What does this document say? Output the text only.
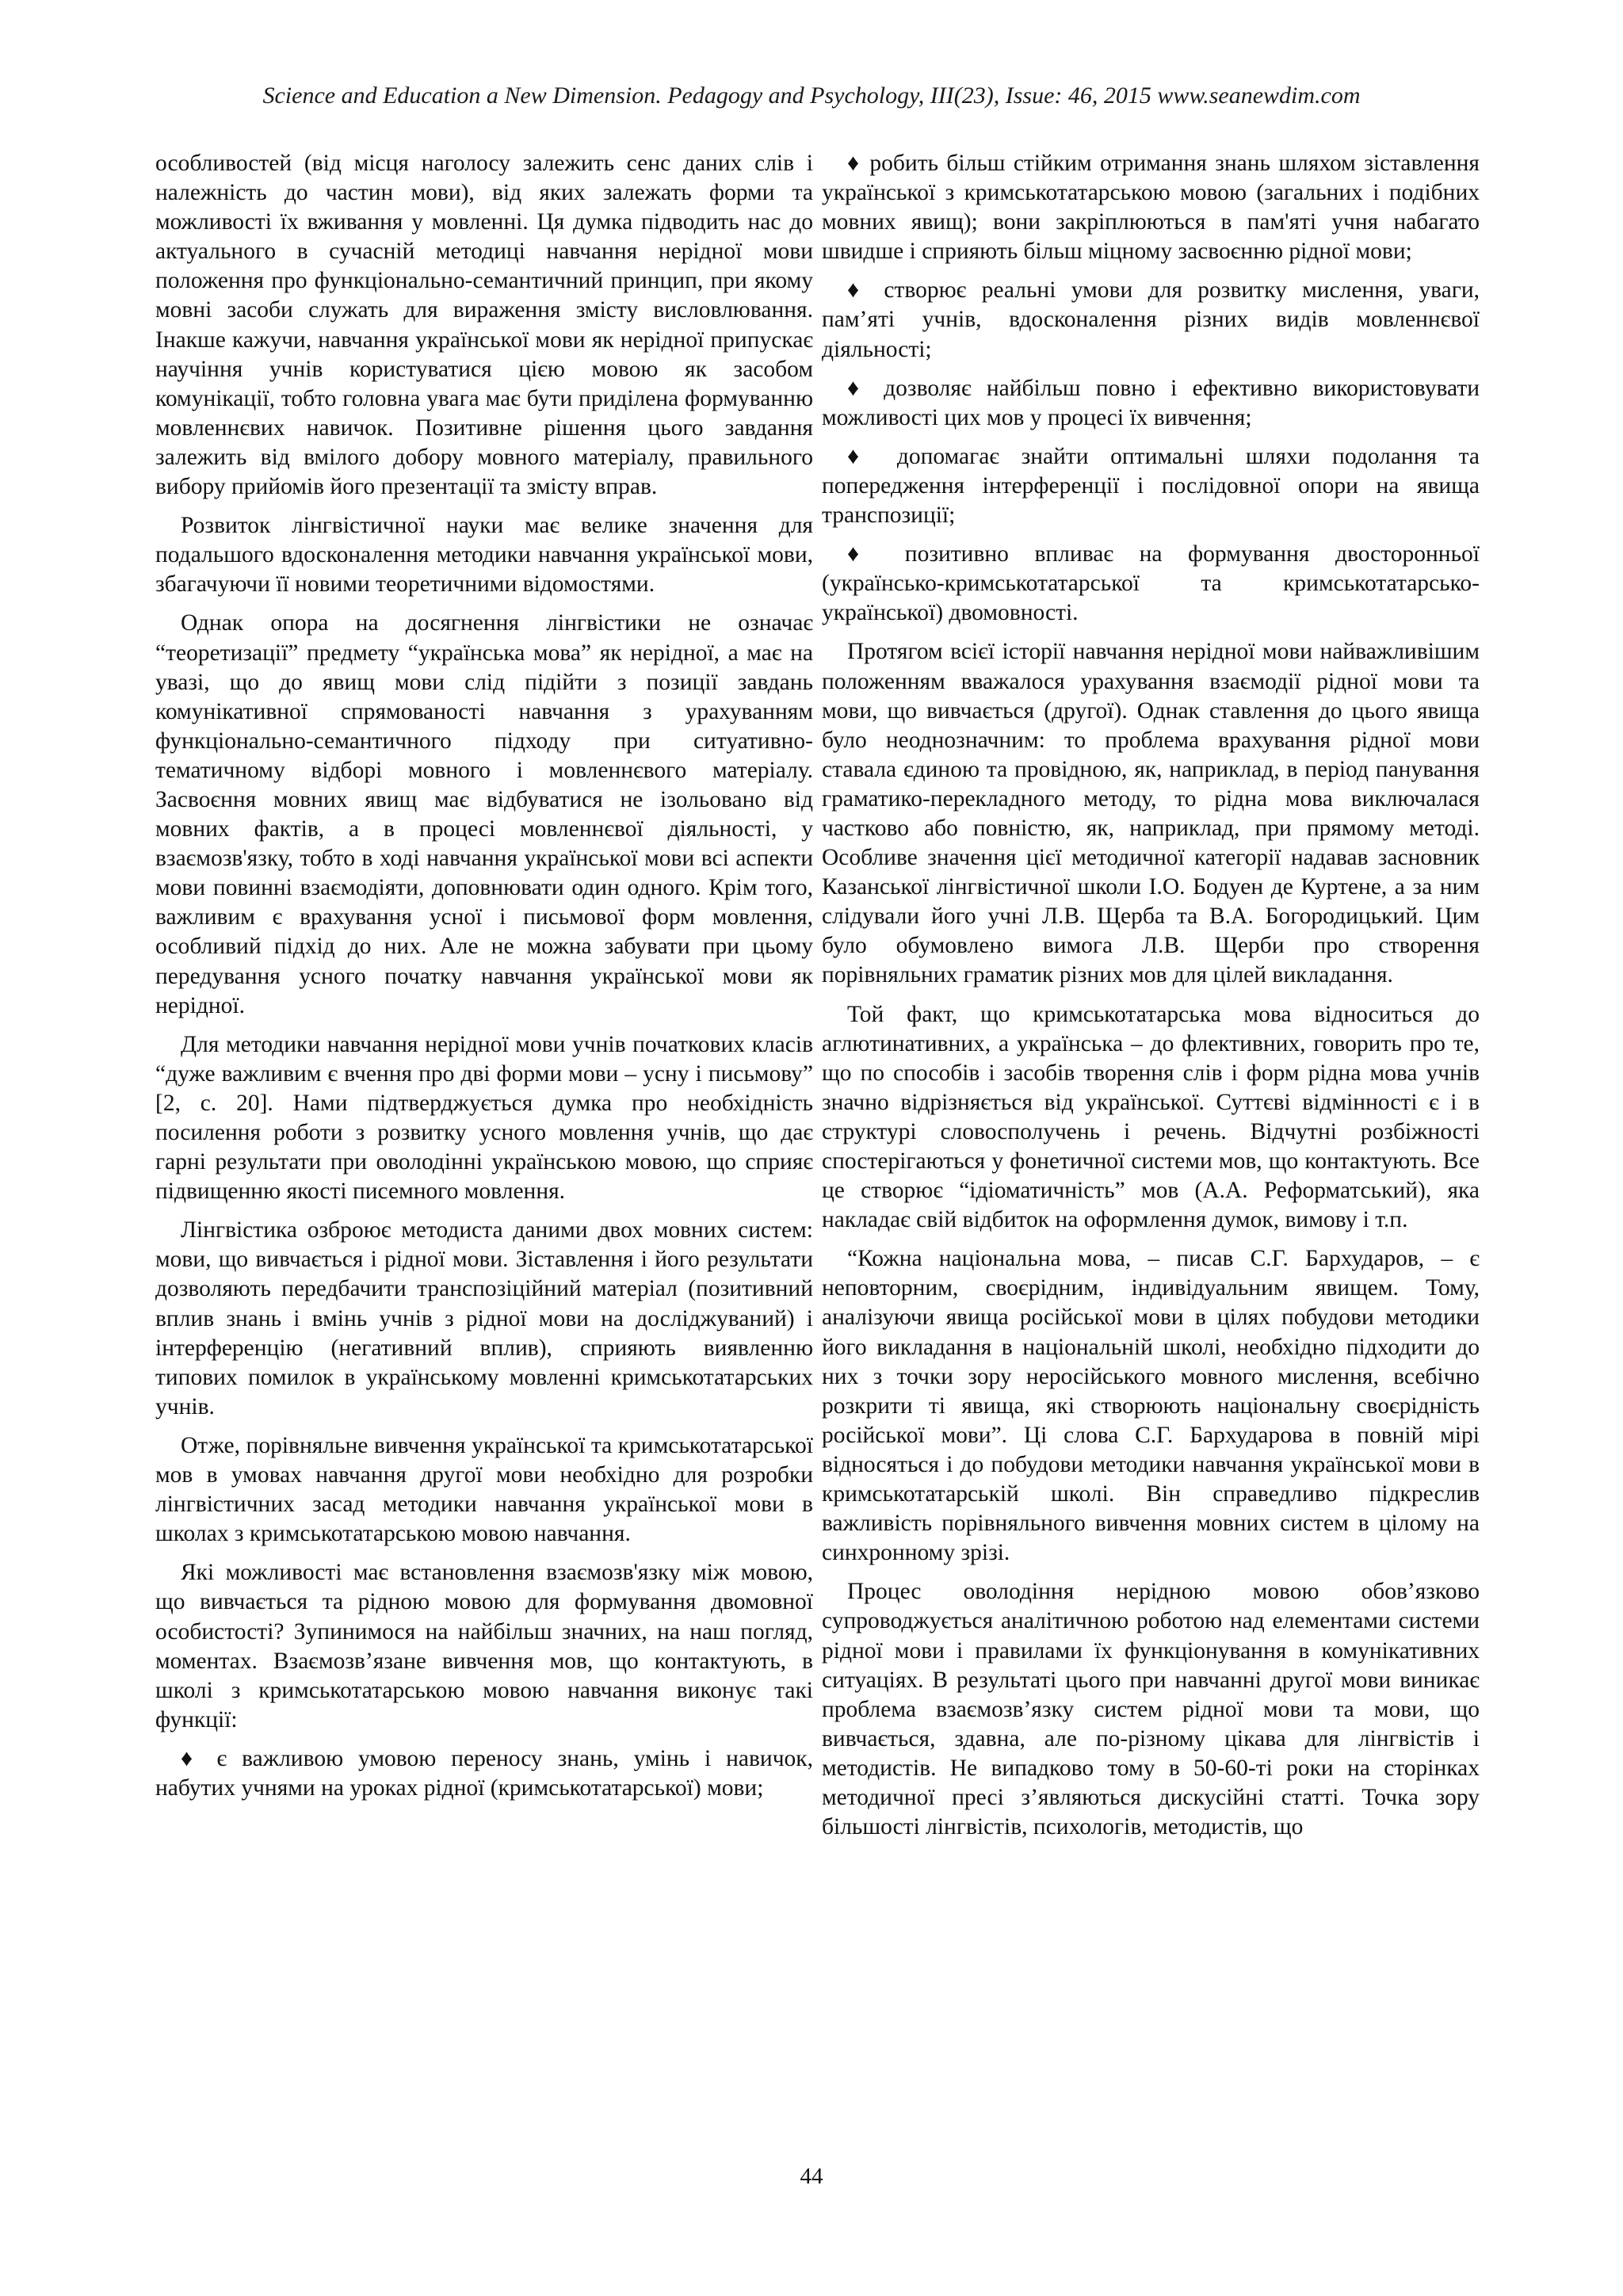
Science and Education a New Dimension. Pedagogy and Psychology, III(23), Issue: 46, 2015 www.seanewdim.com

особливостей (від місця наголосу залежить сенс даних слів і належність до частин мови), від яких залежать форми та можливості їх вживання у мовленні. Ця думка підводить нас до актуального в сучасній методиці навчання нерідної мови положення про функціонально-семантичний принцип, при якому мовні засоби служать для вираження змісту висловлювання. Інакше кажучи, навчання української мови як нерідної припускає научіння учнів користуватися цією мовою як засобом комунікації, тобто головна увага має бути приділена формуванню мовленнєвих навичок. Позитивне рішення цього завдання залежить від вмілого добору мовного матеріалу, правильного вибору прийомів його презентації та змісту вправ.

Розвиток лінгвістичної науки має велике значення для подальшого вдосконалення методики навчання української мови, збагачуючи її новими теоретичними відомостями.

Однак опора на досягнення лінгвістики не означає “теоретизації” предмету “українська мова” як нерідної, а має на увазі, що до явищ мови слід підійти з позиції завдань комунікативної спрямованості навчання з урахуванням функціонально-семантичного підходу при ситуативно-тематичному відборі мовного і мовленнєвого матеріалу. Засвоєння мовних явищ має відбуватися не ізольовано від мовних фактів, а в процесі мовленнєвої діяльності, у взаємозв'язку, тобто в ході навчання української мови всі аспекти мови повинні взаємодіяти, доповнювати один одного. Крім того, важливим є врахування усної і письмової форм мовлення, особливий підхід до них. Але не можна забувати при цьому передування усного початку навчання української мови як нерідної.

Для методики навчання нерідної мови учнів початкових класів “дуже важливим є вчення про дві форми мови – усну і письмову” [2, с. 20]. Нами підтверджується думка про необхідність посилення роботи з розвитку усного мовлення учнів, що дає гарні результати при оволодінні українською мовою, що сприяє підвищенню якості писемного мовлення.

Лінгвістика озброює методиста даними двох мовних систем: мови, що вивчається і рідної мови. Зіставлення і його результати дозволяють передбачити транспозіційний матеріал (позитивний вплив знань і вмінь учнів з рідної мови на досліджуваний) і інтерференцію (негативний вплив), сприяють виявленню типових помилок в українському мовленні кримськотатарських учнів.

Отже, порівняльне вивчення української та кримськотатарської мов в умовах навчання другої мови необхідно для розробки лінгвістичних засад методики навчання української мови в школах з кримськотатарською мовою навчання.

Які можливості має встановлення взаємозв'язку між мовою, що вивчається та рідною мовою для формування двомовної особистості? Зупинимося на найбільш значних, на наш погляд, моментах. Взаємозв’язане вивчення мов, що контактують, в школі з кримськотатарською мовою навчання виконує такі функції:

♦ є важливою умовою переносу знань, умінь і навичок, набутих учнями на уроках рідної (кримськотатарської) мови;

♦ робить більш стійким отримання знань шляхом зіставлення української з кримськотатарською мовою (загальних і подібних мовних явищ); вони закріплюються в пам'яті учня набагато швидше і сприяють більш міцному засвоєнню рідної мови;

♦ створює реальні умови для розвитку мислення, уваги, пам’яті учнів, вдосконалення різних видів мовленнєвої діяльності;

♦ дозволяє найбільш повно і ефективно використовувати можливості цих мов у процесі їх вивчення;

♦ допомагає знайти оптимальні шляхи подолання та попередження інтерференції і послідовної опори на явища транспозиції;

♦ позитивно впливає на формування двосторонньої (українсько-кримськотатарської та кримськотатарсько-української) двомовності.

Протягом всієї історії навчання нерідної мови найважливішим положенням вважалося урахування взаємодії рідної мови та мови, що вивчається (другої). Однак ставлення до цього явища було неоднозначним: то проблема врахування рідної мови ставала єдиною та провідною, як, наприклад, в період панування граматико-перекладного методу, то рідна мова виключалася частково або повністю, як, наприклад, при прямому методі. Особливе значення цієї методичної категорії надавав засновник Казанської лінгвістичної школи І.О. Бодуен де Куртене, а за ним слідували його учні Л.В. Щерба та В.А. Богородицький. Цим було обумовлено вимога Л.В. Щерби про створення порівняльних граматик різних мов для цілей викладання.

Той факт, що кримськотатарська мова відноситься до аглютинативних, а українська – до флективних, говорить про те, що по способів і засобів творення слів і форм рідна мова учнів значно відрізняється від української. Суттєві відмінності є і в структурі словосполучень і речень. Відчутні розбіжності спостерігаються у фонетичної системи мов, що контактують. Все це створює “ідіоматичність” мов (А.А. Реформатський), яка накладає свій відбиток на оформлення думок, вимову і т.п.

“Кожна національна мова, – писав С.Г. Бархударов, – є неповторним, своєрідним, індивідуальним явищем. Тому, аналізуючи явища російської мови в цілях побудови методики його викладання в національній школі, необхідно підходити до них з точки зору неросійського мовного мислення, всебічно розкрити ті явища, які створюють національну своєрідність російської мови”. Ці слова С.Г. Бархударова в повній мірі відносяться і до побудови методики навчання української мови в кримськотатарській школі. Він справедливо підкреслив важливість порівняльного вивчення мовних систем в цілому на синхронному зрізі.

Процес оволодіння нерідною мовою обов’язково супроводжується аналітичною роботою над елементами системи рідної мови і правилами їх функціонування в комунікативних ситуаціях. В результаті цього при навчанні другої мови виникає проблема взаємозв’язку систем рідної мови та мови, що вивчається, здавна, але по-різному цікава для лінгвістів і методистів. Не випадково тому в 50-60-ті роки на сторінках методичної пресі з’являються дискусійні статті. Точка зору більшості лінгвістів, психологів, методистів, що

44
